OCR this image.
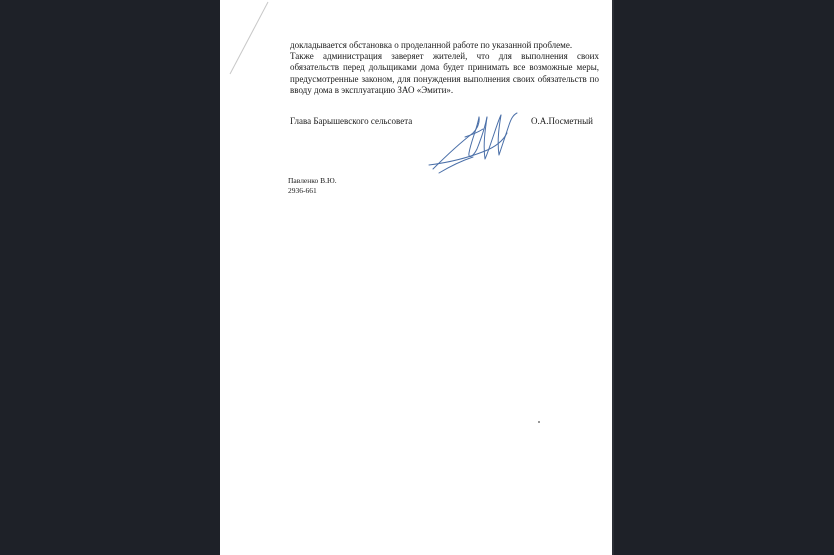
докладывается обстановка о проделанной работе по указанной проблеме.

Также администрация заверяет жителей, что для выполнения своих обязательств перед дольщиками дома будет принимать все возможные меры, предусмотренные законом, для понуждения выполнения своих обязательств по вводу дома в эксплуатацию ЗАО «Эмити».

Глава Барышевского сельсовета	О.А.Посметный
Павленко В.Ю.
2936-661
